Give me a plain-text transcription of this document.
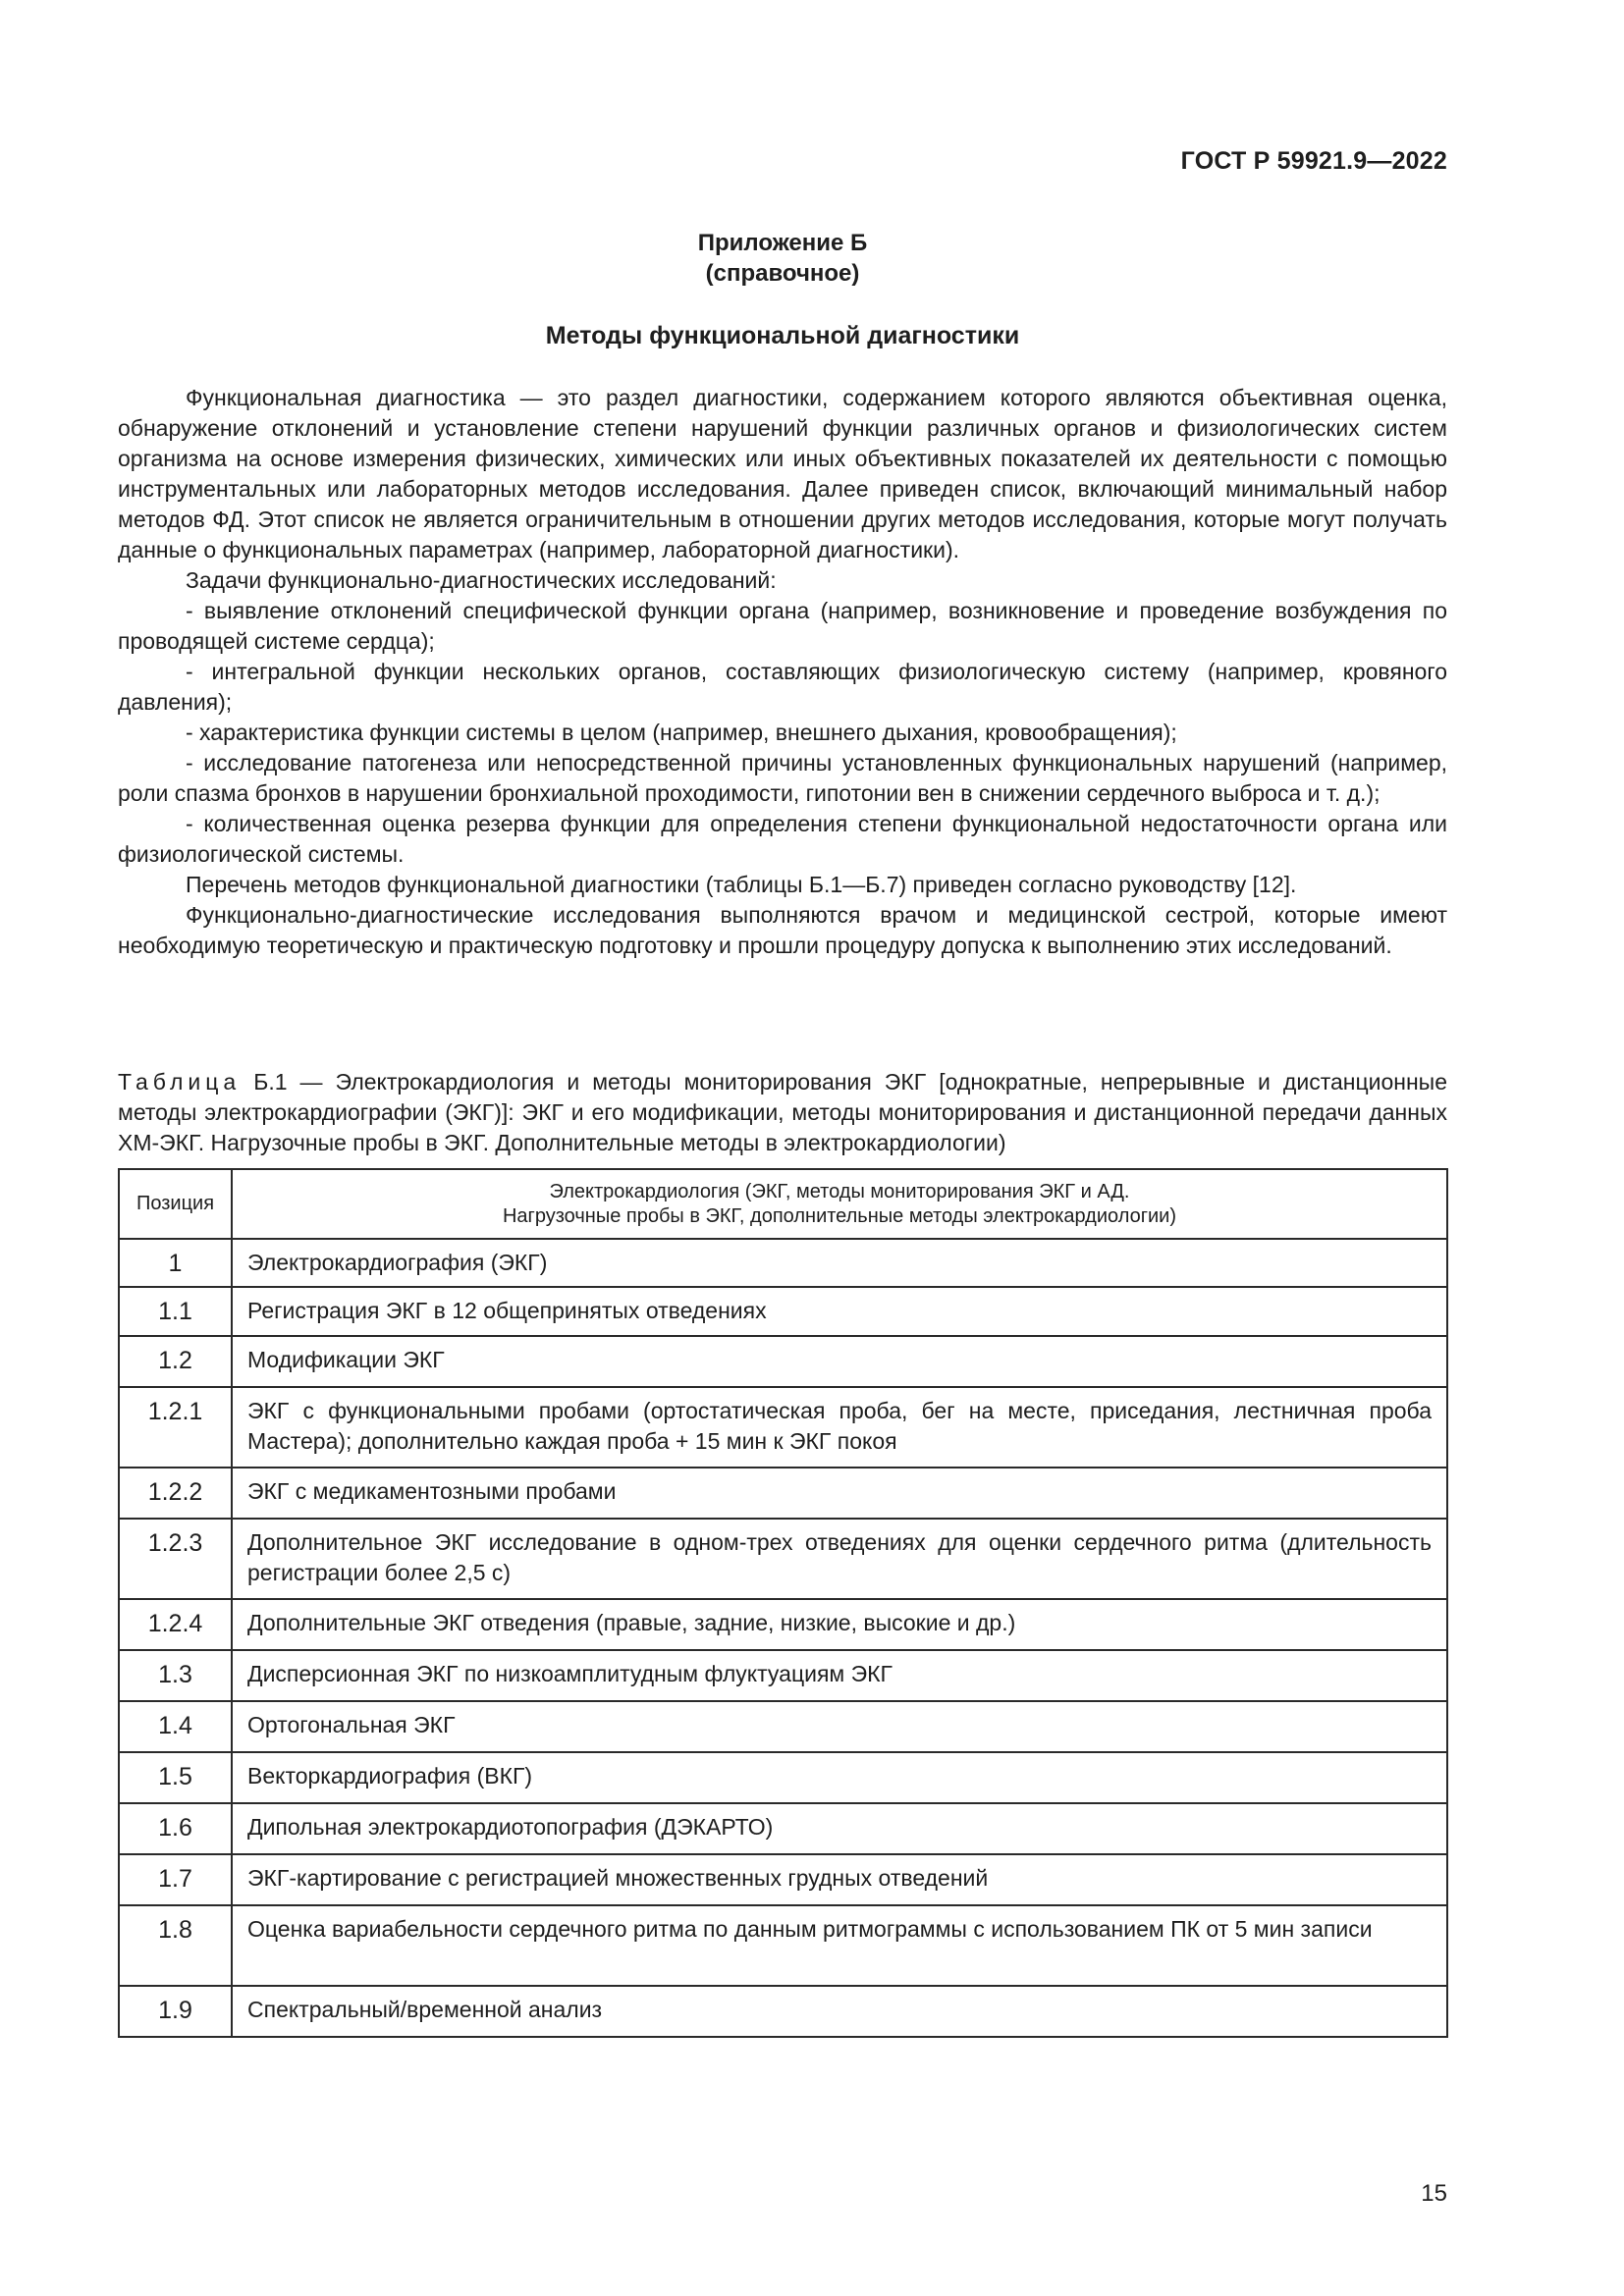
ГОСТ Р 59921.9—2022
Приложение Б
(справочное)
Методы функциональной диагностики

Функциональная диагностика — это раздел диагностики, содержанием которого являются объективная оценка, обнаружение отклонений и установление степени нарушений функции различных органов и физиологических систем организма на основе измерения физических, химических или иных объективных показателей их деятельности с помощью инструментальных или лабораторных методов исследования. Далее приведен список, включающий минимальный набор методов ФД. Этот список не является ограничительным в отношении других методов исследования, которые могут получать данные о функциональных параметрах (например, лабораторной диагностики).

Задачи функционально-диагностических исследований:

- выявление отклонений специфической функции органа (например, возникновение и проведение возбуждения по проводящей системе сердца);

- интегральной функции нескольких органов, составляющих физиологическую систему (например, кровяного давления);

- характеристика функции системы в целом (например, внешнего дыхания, кровообращения);

- исследование патогенеза или непосредственной причины установленных функциональных нарушений (например, роли спазма бронхов в нарушении бронхиальной проходимости, гипотонии вен в снижении сердечного выброса и т. д.);

- количественная оценка резерва функции для определения степени функциональной недостаточности органа или физиологической системы.

Перечень методов функциональной диагностики (таблицы Б.1—Б.7) приведен согласно руководству [12].

Функционально-диагностические исследования выполняются врачом и медицинской сестрой, которые имеют необходимую теоретическую и практическую подготовку и прошли процедуру допуска к выполнению этих исследований.

Таблица Б.1 — Электрокардиология и методы мониторирования ЭКГ [однократные, непрерывные и дистанционные методы электрокардиографии (ЭКГ)]: ЭКГ и его модификации, методы мониторирования и дистанционной передачи данных ХМ-ЭКГ. Нагрузочные пробы в ЭКГ. Дополнительные методы в электрокардиологии)
Позиция	Электрокардиология (ЭКГ, методы мониторирования ЭКГ и АД.
Нагрузочные пробы в ЭКГ, дополнительные методы электрокардиологии)

1	Электрокардиография (ЭКГ)
1.1	Регистрация ЭКГ в 12 общепринятых отведениях
1.2	Модификации ЭКГ
1.2.1	ЭКГ с функциональными пробами (ортостатическая проба, бег на месте, приседания, лестничная проба Мастера); дополнительно каждая проба + 15 мин к ЭКГ покоя
1.2.2	ЭКГ с медикаментозными пробами
1.2.3	Дополнительное ЭКГ исследование в одном-трех отведениях для оценки сердечного ритма (длительность регистрации более 2,5 с)
1.2.4	Дополнительные ЭКГ отведения (правые, задние, низкие, высокие и др.)
1.3	Дисперсионная ЭКГ по низкоамплитудным флуктуациям ЭКГ
1.4	Ортогональная ЭКГ
1.5	Векторкардиография (ВКГ)
1.6	Дипольная электрокардиотопография (ДЭКАРТО)
1.7	ЭКГ-картирование с регистрацией множественных грудных отведений
1.8	Оценка вариабельности сердечного ритма по данным ритмограммы с использованием ПК от 5 мин записи
1.9	Спектральный/временной анализ
15
